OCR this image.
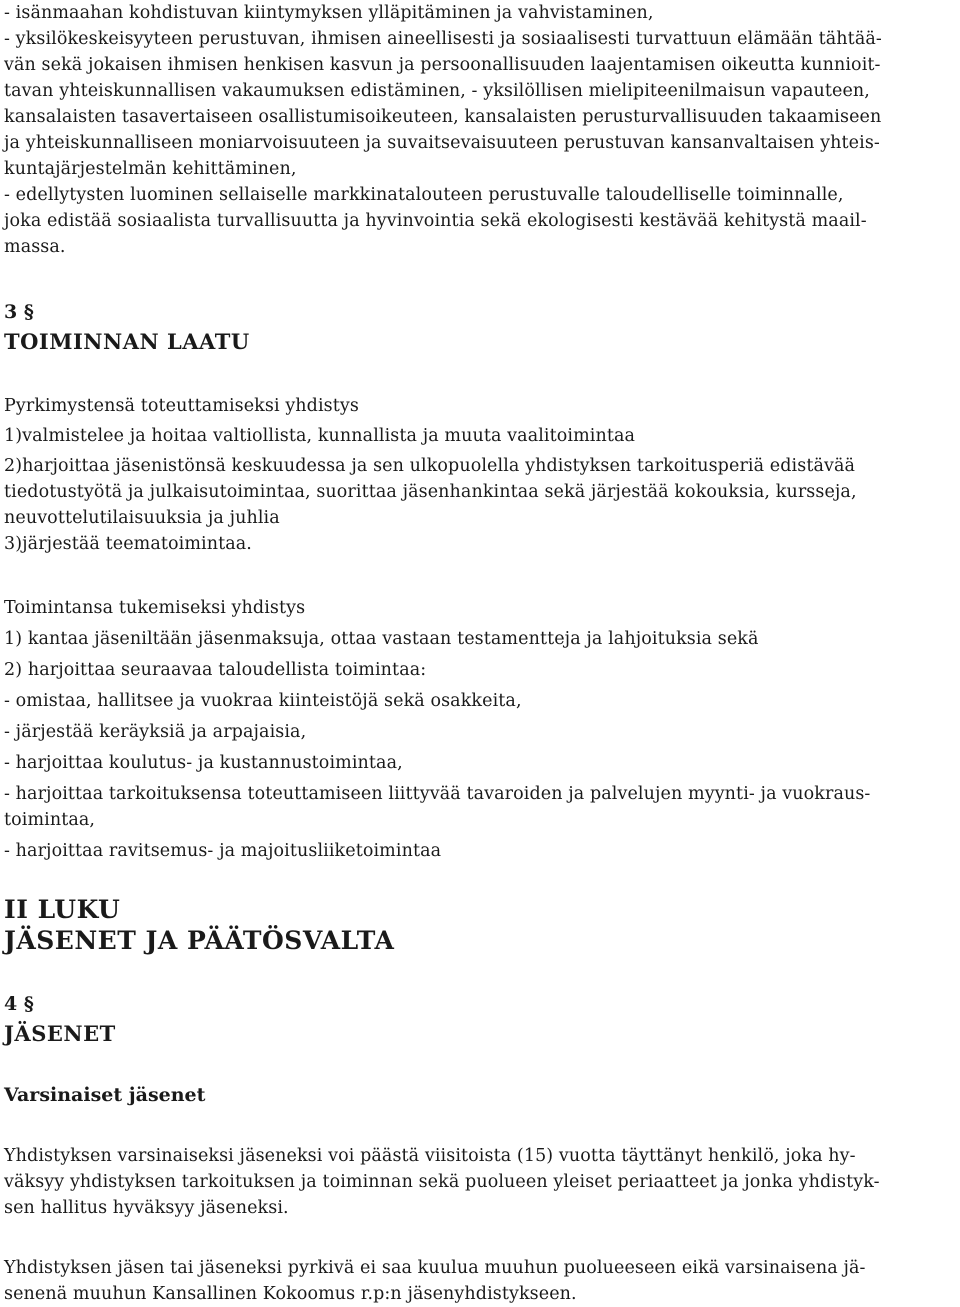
- isänmaahan kohdistuvan kiintymyksen ylläpitäminen ja vahvistaminen,
- yksilökeskeisyyteen perustuvan, ihmisen aineellisesti ja sosiaalisesti turvattuun elämään tähtää-
vän sekä jokaisen ihmisen henkisen kasvun ja persoonallisuuden laajentamisen oikeutta kunnioit-
tavan yhteiskunnallisen vakaumuksen edistäminen, - yksilöllisen mielipiteenilmaisun vapauteen,
kansalaisten tasavertaiseen osallistumisoikeuteen, kansalaisten perusturvallisuuden takaamiseen
ja yhteiskunnalliseen moniarvoisuuteen ja suvaitsevaisuuteen perustuvan kansanvaltaisen yhteis-
kuntajärjestelmän kehittäminen,
- edellytysten luominen sellaiselle markkinatalouteen perustuvalle taloudelliselle toiminnalle,
joka edistää sosiaalista turvallisuutta ja hyvinvointia sekä ekologisesti kestävää kehitystä maail-
massa.
3 §
TOIMINNAN LAATU
Pyrkimystensä toteuttamiseksi yhdistys
1)valmistelee ja hoitaa valtiollista, kunnallista ja muuta vaalitoimintaa
2)harjoittaa jäsenistönsä keskuudessa ja sen ulkopuolella yhdistyksen tarkoitusperiä edistävää
tiedotustyötä ja julkaisutoimintaa, suorittaa jäsenhankintaa sekä järjestää kokouksia, kursseja,
neuvottelutilaisuuksia ja juhlia
3)järjestää teematoimintaa.
Toimintansa tukemiseksi yhdistys
1) kantaa jäseniltään jäsenmaksuja, ottaa vastaan testamentteja ja lahjoituksia sekä
2) harjoittaa seuraavaa taloudellista toimintaa:
- omistaa, hallitsee ja vuokraa kiinteistöjä sekä osakkeita,
- järjestää keräyksiä ja arpajaisia,
- harjoittaa koulutus- ja kustannustoimintaa,
- harjoittaa tarkoituksensa toteuttamiseen liittyvää tavaroiden ja palvelujen myynti- ja vuokraus-
toimintaa,
- harjoittaa ravitsemus- ja majoitusliiketoimintaa
II LUKU
JÄSENET JA PÄÄTÖSVALTA
4 §
JÄSENET
Varsinaiset jäsenet
Yhdistyksen varsinaiseksi jäseneksi voi päästä viisitoista (15) vuotta täyttänyt henkilö, joka hy-
väksyy yhdistyksen tarkoituksen ja toiminnan sekä puolueen yleiset periaatteet ja jonka yhdistyk-
sen hallitus hyväksyy jäseneksi.
Yhdistyksen jäsen tai jäseneksi pyrkivä ei saa kuulua muuhun puolueeseen eikä varsinaisena jä-
senenä muuhun Kansallinen Kokoomus r.p:n jäsenyhdistykseen.
